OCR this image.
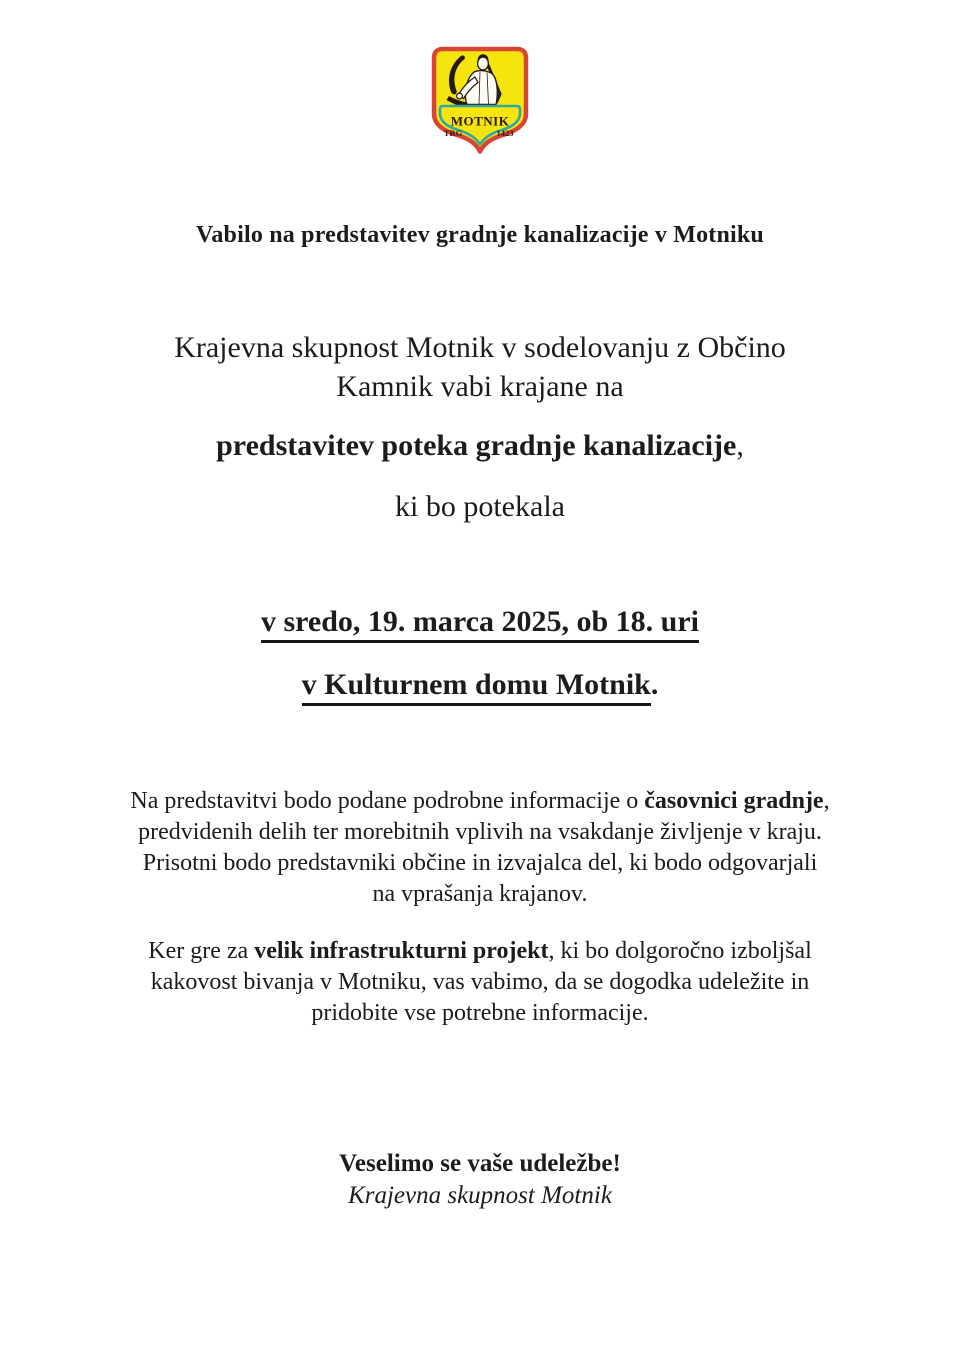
MOTNIK
TRG	1423
Vabilo na predstavitev gradnje kanalizacije v Motniku
Krajevna skupnost Motnik v sodelovanju z Občino
Kamnik vabi krajane na
predstavitev poteka gradnje kanalizacije,
ki bo potekala
v sredo, 19. marca 2025, ob 18. uri
v Kulturnem domu Motnik.

Na predstavitvi bodo podane podrobne informacije o časovnici gradnje, predvidenih delih ter morebitnih vplivih na vsakdanje življenje v kraju. Prisotni bodo predstavniki občine in izvajalca del, ki bodo odgovarjali na vprašanja krajanov.

Ker gre za velik infrastrukturni projekt, ki bo dolgoročno izboljšal kakovost bivanja v Motniku, vas vabimo, da se dogodka udeležite in pridobite vse potrebne informacije.

Veselimo se vaše udeležbe!
Krajevna skupnost Motnik
